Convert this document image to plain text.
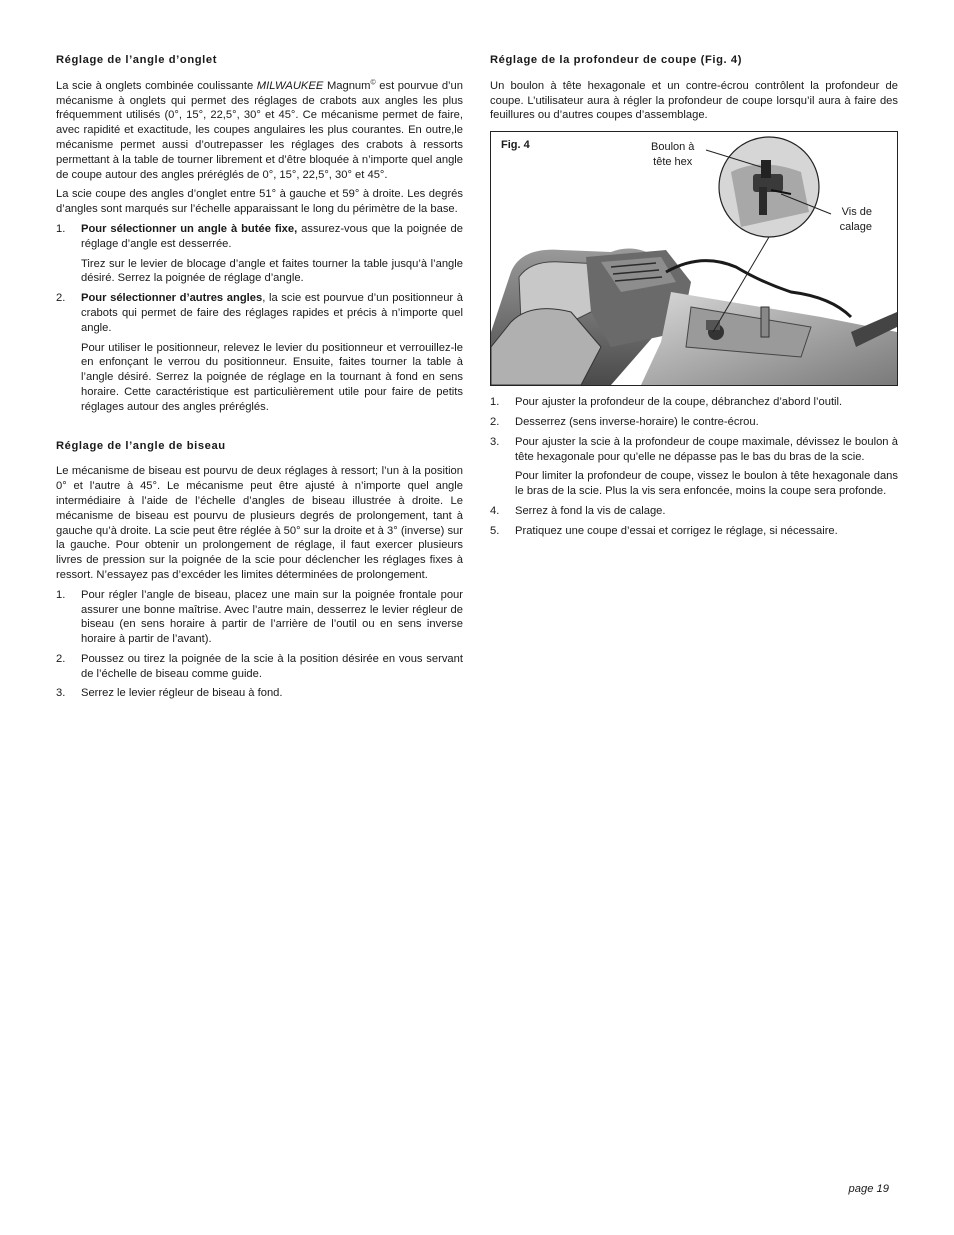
Réglage de l’angle d’onglet

La scie à onglets combinée coulissante MILWAUKEE Magnum© est pourvue d’un mécanisme à onglets qui permet des réglages de crabots aux angles les plus fréquemment utilisés (0°, 15°, 22,5°, 30° et 45°. Ce mécanisme permet de faire, avec rapidité et exactitude, les coupes angulaires les plus courantes. En outre,le mécanisme permet aussi d’outrepasser les réglages des crabots à ressorts permettant à la table de tourner librement et d’être bloquée à n’importe quel angle de coupe autour des angles préréglés de 0°, 15°, 22,5°, 30° et 45°.

La scie coupe des angles d’onglet entre 51° à gauche et 59° à droite. Les degrés d’angles sont marqués sur l’échelle apparaissant le long du périmètre de la base.

1. Pour sélectionner un angle à butée fixe, assurez-vous que la poignée de réglage d’angle est desserrée.

Tirez sur le levier de blocage d’angle et faites tourner la table jusqu’à l’angle désiré. Serrez la poignée de réglage d’angle.

2. Pour sélectionner d’autres angles, la scie est pourvue d’un positionneur à crabots qui permet de faire des réglages rapides et précis à n’importe quel angle.

Pour utiliser le positionneur, relevez le levier du positionneur et verrouillez-le en enfonçant le verrou du positionneur. Ensuite, faites tourner la table à l’angle désiré. Serrez la poignée de réglage en la tournant à fond en sens horaire. Cette caractéristique est particulièrement utile pour faire de petits réglages autour des angles préréglés.

Réglage de l’angle de biseau

Le mécanisme de biseau est pourvu de deux réglages à ressort; l’un à la position 0° et l’autre à 45°. Le mécanisme peut être ajusté à n’importe quel angle intermédiaire à l’aide de l’échelle d’angles de biseau illustrée à droite. Le mécanisme de biseau est pourvu de plusieurs degrés de prolongement, tant à gauche qu’à droite. La scie peut être réglée à 50° sur la droite et à 3° (inverse) sur la gauche. Pour obtenir un prolongement de réglage, il faut exercer plusieurs livres de pression sur la poignée de la scie pour déclencher les réglages fixes à ressort. N’essayez pas d’excéder les limites déterminées de prolongement.

1. Pour régler l’angle de biseau, placez une main sur la poignée frontale pour assurer une bonne maîtrise. Avec l’autre main, desserrez le levier régleur de biseau (en sens horaire à partir de l’arrière de l’outil ou en sens inverse horaire à partir de l’avant).

2. Poussez ou tirez la poignée de la scie à la position désirée en vous servant de l’échelle de biseau comme guide.

3. Serrez le levier régleur de biseau à fond.

Réglage de la profondeur de coupe (Fig. 4)

Un boulon à tête hexagonale et un contre-écrou contrôlent la profondeur de coupe. L’utilisateur aura à régler la profondeur de coupe lorsqu’il aura à faire des feuillures ou d’autres coupes d’assemblage.

Fig. 4	Boulon à
tête hex
Vis de
calage
1. Pour ajuster la profondeur de la coupe, débranchez d’abord l’outil.

2. Desserrez (sens inverse-horaire) le contre-écrou.

3. Pour ajuster la scie à la profondeur de coupe maximale, dévissez le boulon à tête hexagonale pour qu’elle ne dépasse pas le bas du bras de la scie.

Pour limiter la profondeur de coupe, vissez le boulon à tête hexagonale dans le bras de la scie. Plus la vis sera enfoncée, moins la coupe sera profonde.

4. Serrez à fond la vis de calage.

5. Pratiquez une coupe d’essai et corrigez le réglage, si nécessaire.

page 19
